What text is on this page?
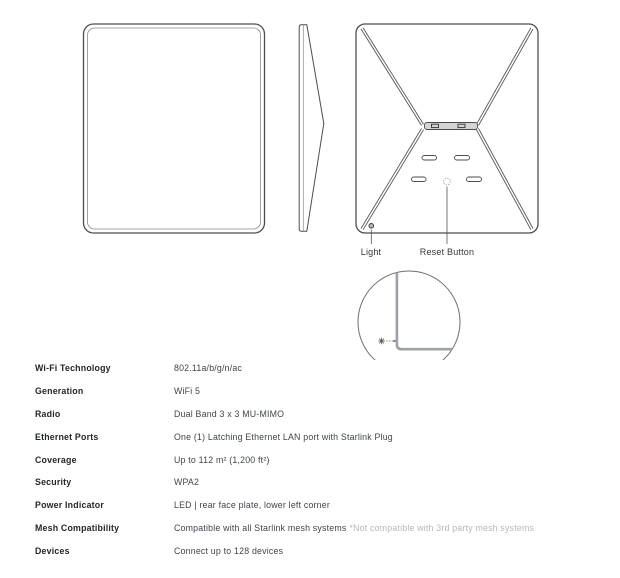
Light	Reset Button
Wi-Fi Technology	802.11a/b/g/n/ac
Generation	WiFi 5
Radio	Dual Band 3 x 3 MU-MIMO
Ethernet Ports	One (1) Latching Ethernet LAN port with Starlink Plug
Coverage	Up to 112 m² (1,200 ft²)
Security	WPA2
Power Indicator	LED | rear face plate, lower left corner
Mesh Compatibility	Compatible with all Starlink mesh systems *Not compatible with 3rd party mesh systems
Devices	Connect up to 128 devices
